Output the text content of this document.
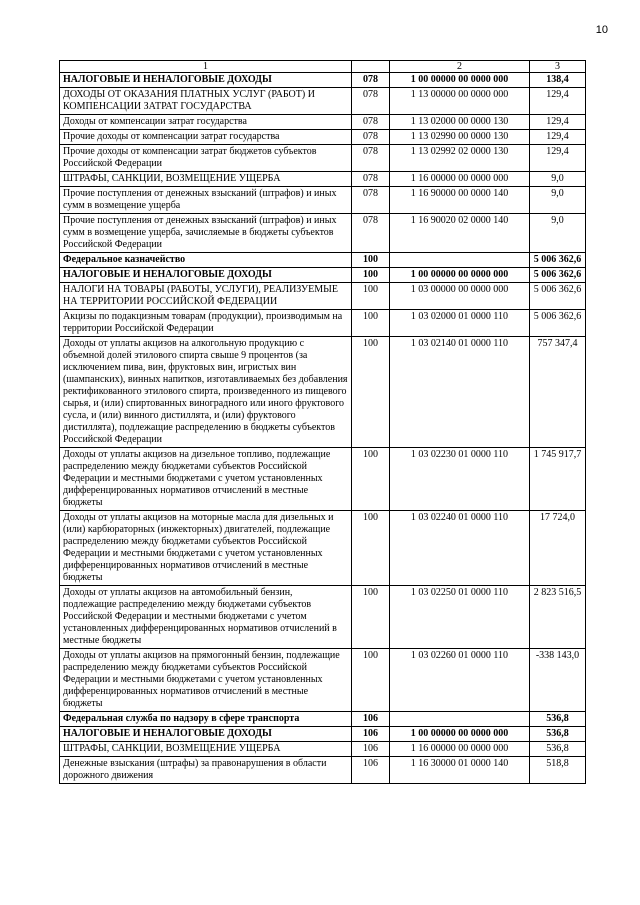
10
1		2	3
НАЛОГОВЫЕ И НЕНАЛОГОВЫЕ ДОХОДЫ	078	1 00 00000 00 0000 000	138,4
ДОХОДЫ ОТ ОКАЗАНИЯ ПЛАТНЫХ УСЛУГ (РАБОТ) И КОМПЕНСАЦИИ ЗАТРАТ ГОСУДАРСТВА	078	1 13 00000 00 0000 000	129,4
Доходы от компенсации затрат государства	078	1 13 02000 00 0000 130	129,4
Прочие доходы от компенсации затрат государства	078	1 13 02990 00 0000 130	129,4
Прочие доходы от компенсации затрат бюджетов субъектов Российской Федерации	078	1 13 02992 02 0000 130	129,4
ШТРАФЫ, САНКЦИИ, ВОЗМЕЩЕНИЕ УЩЕРБА	078	1 16 00000 00 0000 000	9,0
Прочие поступления от денежных взысканий (штрафов) и иных сумм в возмещение ущерба	078	1 16 90000 00 0000 140	9,0
Прочие поступления от денежных взысканий (штрафов) и иных сумм в возмещение ущерба, зачисляемые в бюджеты субъектов Российской Федерации	078	1 16 90020 02 0000 140	9,0
Федеральное казначейство	100		5 006 362,6
НАЛОГОВЫЕ И НЕНАЛОГОВЫЕ ДОХОДЫ	100	1 00 00000 00 0000 000	5 006 362,6
НАЛОГИ НА ТОВАРЫ (РАБОТЫ, УСЛУГИ), РЕАЛИЗУЕМЫЕ НА ТЕРРИТОРИИ РОССИЙСКОЙ ФЕДЕРАЦИИ	100	1 03 00000 00 0000 000	5 006 362,6
Акцизы по подакцизным товарам (продукции), производимым на территории Российской Федерации	100	1 03 02000 01 0000 110	5 006 362,6
Доходы от уплаты акцизов на алкогольную продукцию с объемной долей этилового спирта свыше 9 процентов (за исключением пива, вин, фруктовых вин, игристых вин (шампанских), винных напитков, изготавливаемых без добавления ректификованного этилового спирта, произведенного из пищевого сырья, и (или) спиртованных виноградного или иного фруктового сусла, и (или) винного дистиллята, и (или) фруктового дистиллята), подлежащие распределению в бюджеты субъектов Российской Федерации	100	1 03 02140 01 0000 110	757 347,4
Доходы от уплаты акцизов на дизельное топливо, подлежащие распределению между бюджетами субъектов Российской Федерации и местными бюджетами с учетом установленных дифференцированных нормативов отчислений в местные бюджеты	100	1 03 02230 01 0000 110	1 745 917,7
Доходы от уплаты акцизов на моторные масла для дизельных и (или) карбюраторных (инжекторных) двигателей, подлежащие распределению между бюджетами субъектов Российской Федерации и местными бюджетами с учетом установленных дифференцированных нормативов отчислений в местные бюджеты	100	1 03 02240 01 0000 110	17 724,0
Доходы от уплаты акцизов на автомобильный бензин, подлежащие распределению между бюджетами субъектов Российской Федерации и местными бюджетами с учетом установленных дифференцированных нормативов отчислений в местные бюджеты	100	1 03 02250 01 0000 110	2 823 516,5
Доходы от уплаты акцизов на прямогонный бензин, подлежащие распределению между бюджетами субъектов Российской Федерации и местными бюджетами с учетом установленных дифференцированных нормативов отчислений в местные бюджеты	100	1 03 02260 01 0000 110	-338 143,0
Федеральная служба по надзору в сфере транспорта	106		536,8
НАЛОГОВЫЕ И НЕНАЛОГОВЫЕ ДОХОДЫ	106	1 00 00000 00 0000 000	536,8
ШТРАФЫ, САНКЦИИ, ВОЗМЕЩЕНИЕ УЩЕРБА	106	1 16 00000 00 0000 000	536,8
Денежные взыскания (штрафы) за правонарушения в области дорожного движения	106	1 16 30000 01 0000 140	518,8
